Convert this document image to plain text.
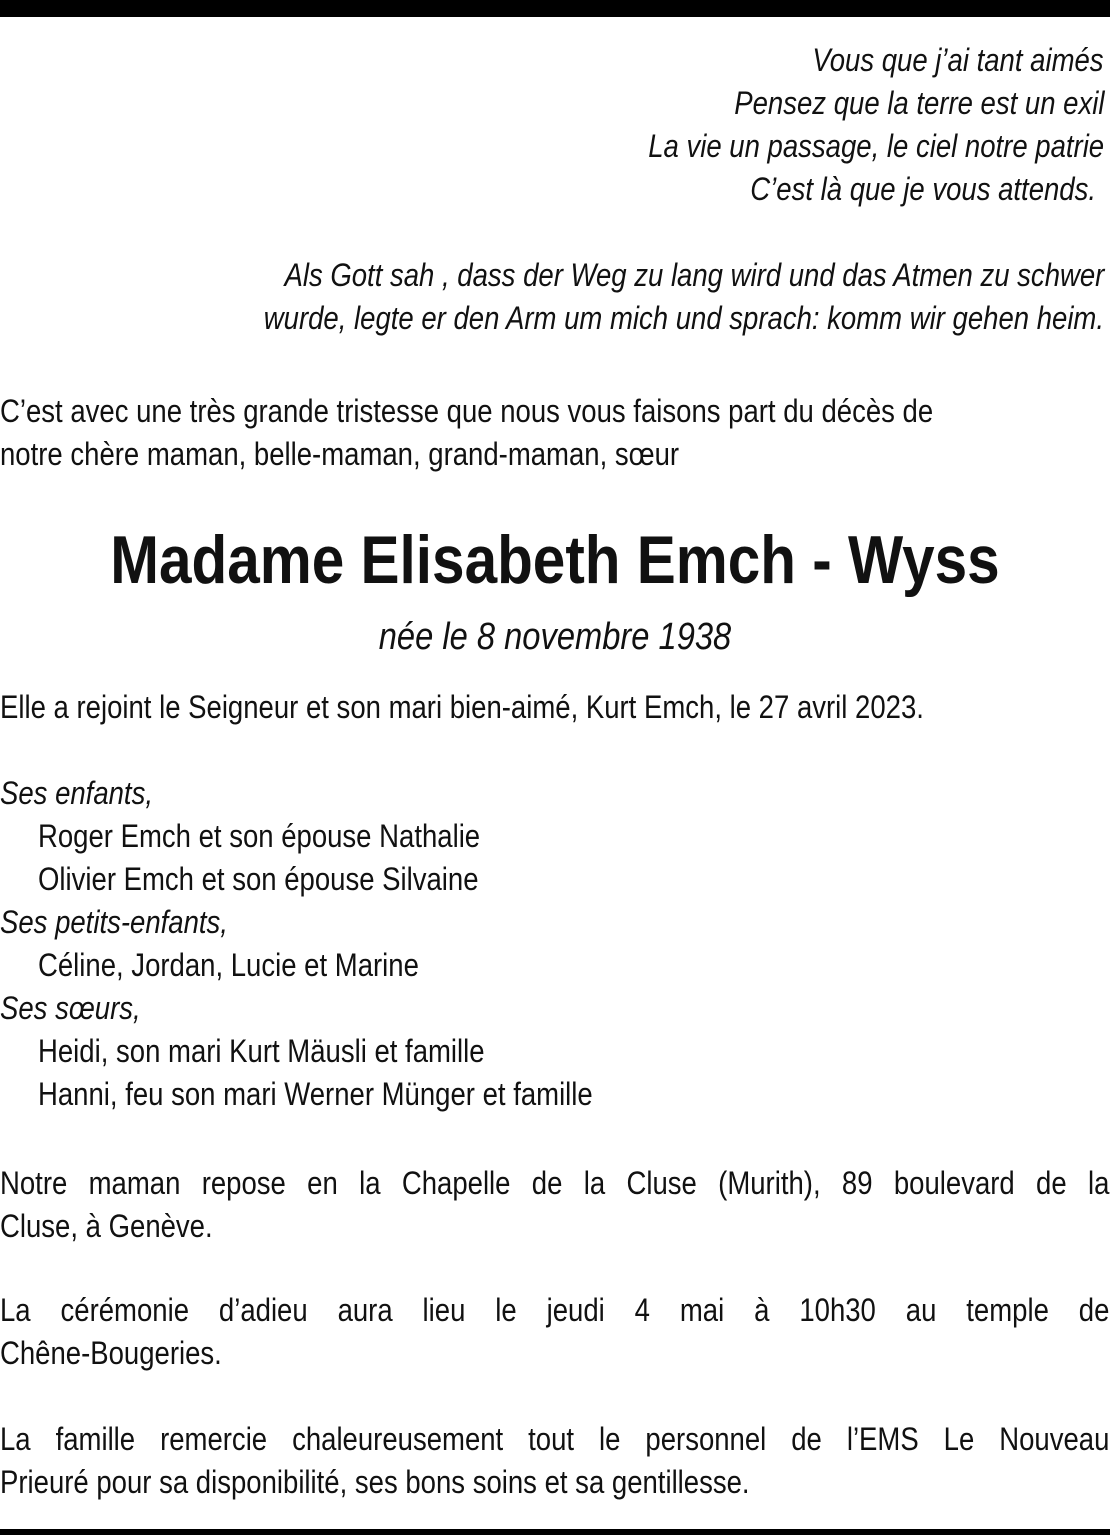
Vous que j’ai tant aimés
Pensez que la terre est un exil
La vie un passage, le ciel notre patrie
C’est là que je vous attends.
Als Gott sah , dass der Weg zu lang wird und das Atmen zu schwer
wurde, legte er den Arm um mich und sprach: komm wir gehen heim.
C’est avec une très grande tristesse que nous vous faisons part du décès de
notre chère maman, belle-maman, grand-maman, sœur
Madame Elisabeth Emch - Wyss
née le 8 novembre 1938
Elle a rejoint le Seigneur et son mari bien-aimé, Kurt Emch, le 27 avril 2023.
Ses enfants,
Roger Emch et son épouse Nathalie
Olivier Emch et son épouse Silvaine
Ses petits-enfants,
Céline, Jordan, Lucie et Marine
Ses sœurs,
Heidi, son mari Kurt Mäusli et famille
Hanni, feu son mari Werner Münger et famille
Notre maman repose en la Chapelle de la Cluse (Murith), 89 boulevard de la
Cluse, à Genève.
La cérémonie d’adieu aura lieu le jeudi 4 mai à 10h30 au temple de
Chêne-Bougeries.
La famille remercie chaleureusement tout le personnel de l’EMS Le Nouveau
Prieuré pour sa disponibilité, ses bons soins et sa gentillesse.
